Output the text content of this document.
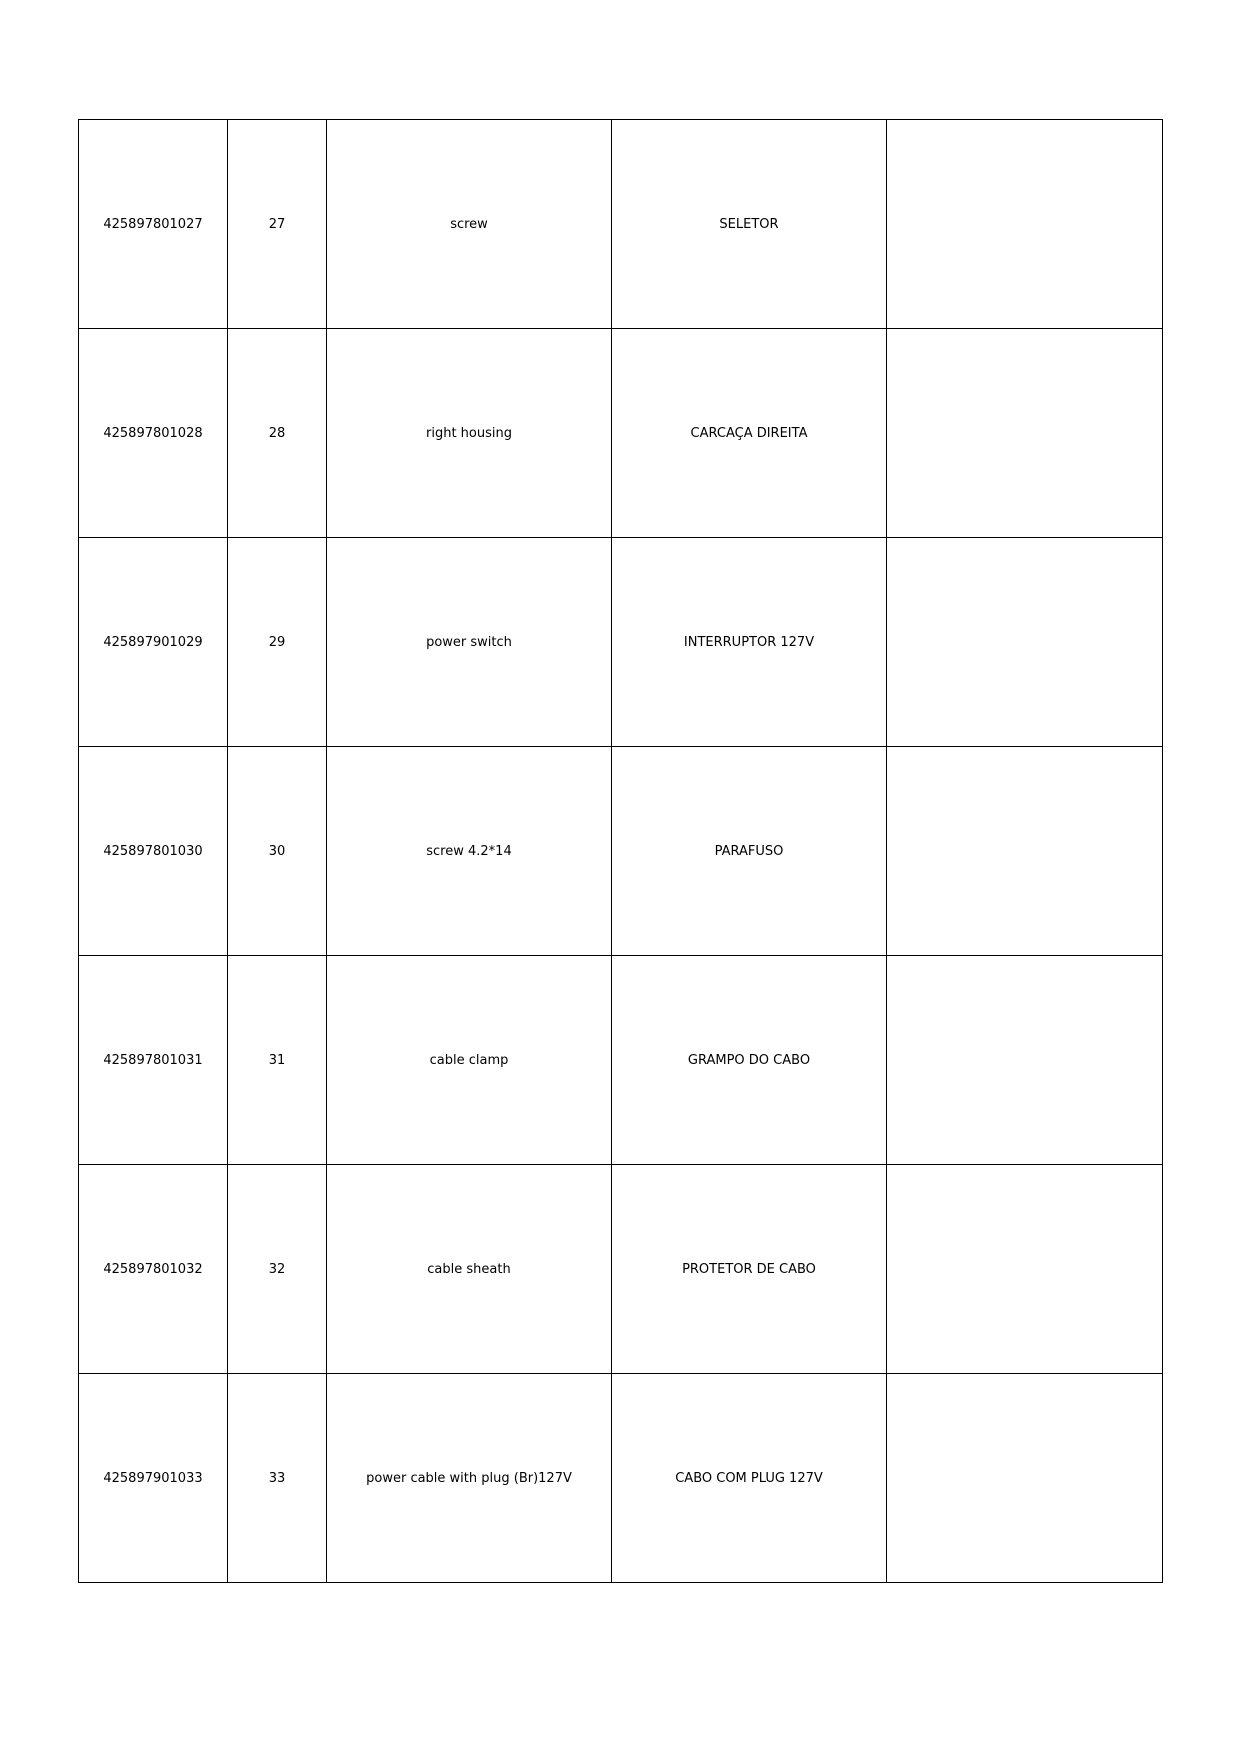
425897801027	27	screw	SELETOR	
425897801028	28	right housing	CARCAÇA DIREITA	
425897901029	29	power switch	INTERRUPTOR 127V	
425897801030	30	screw 4.2*14	PARAFUSO	
425897801031	31	cable clamp	GRAMPO DO CABO	
425897801032	32	cable sheath	PROTETOR DE CABO	
425897901033	33	power cable with plug (Br)127V	CABO COM PLUG 127V	
